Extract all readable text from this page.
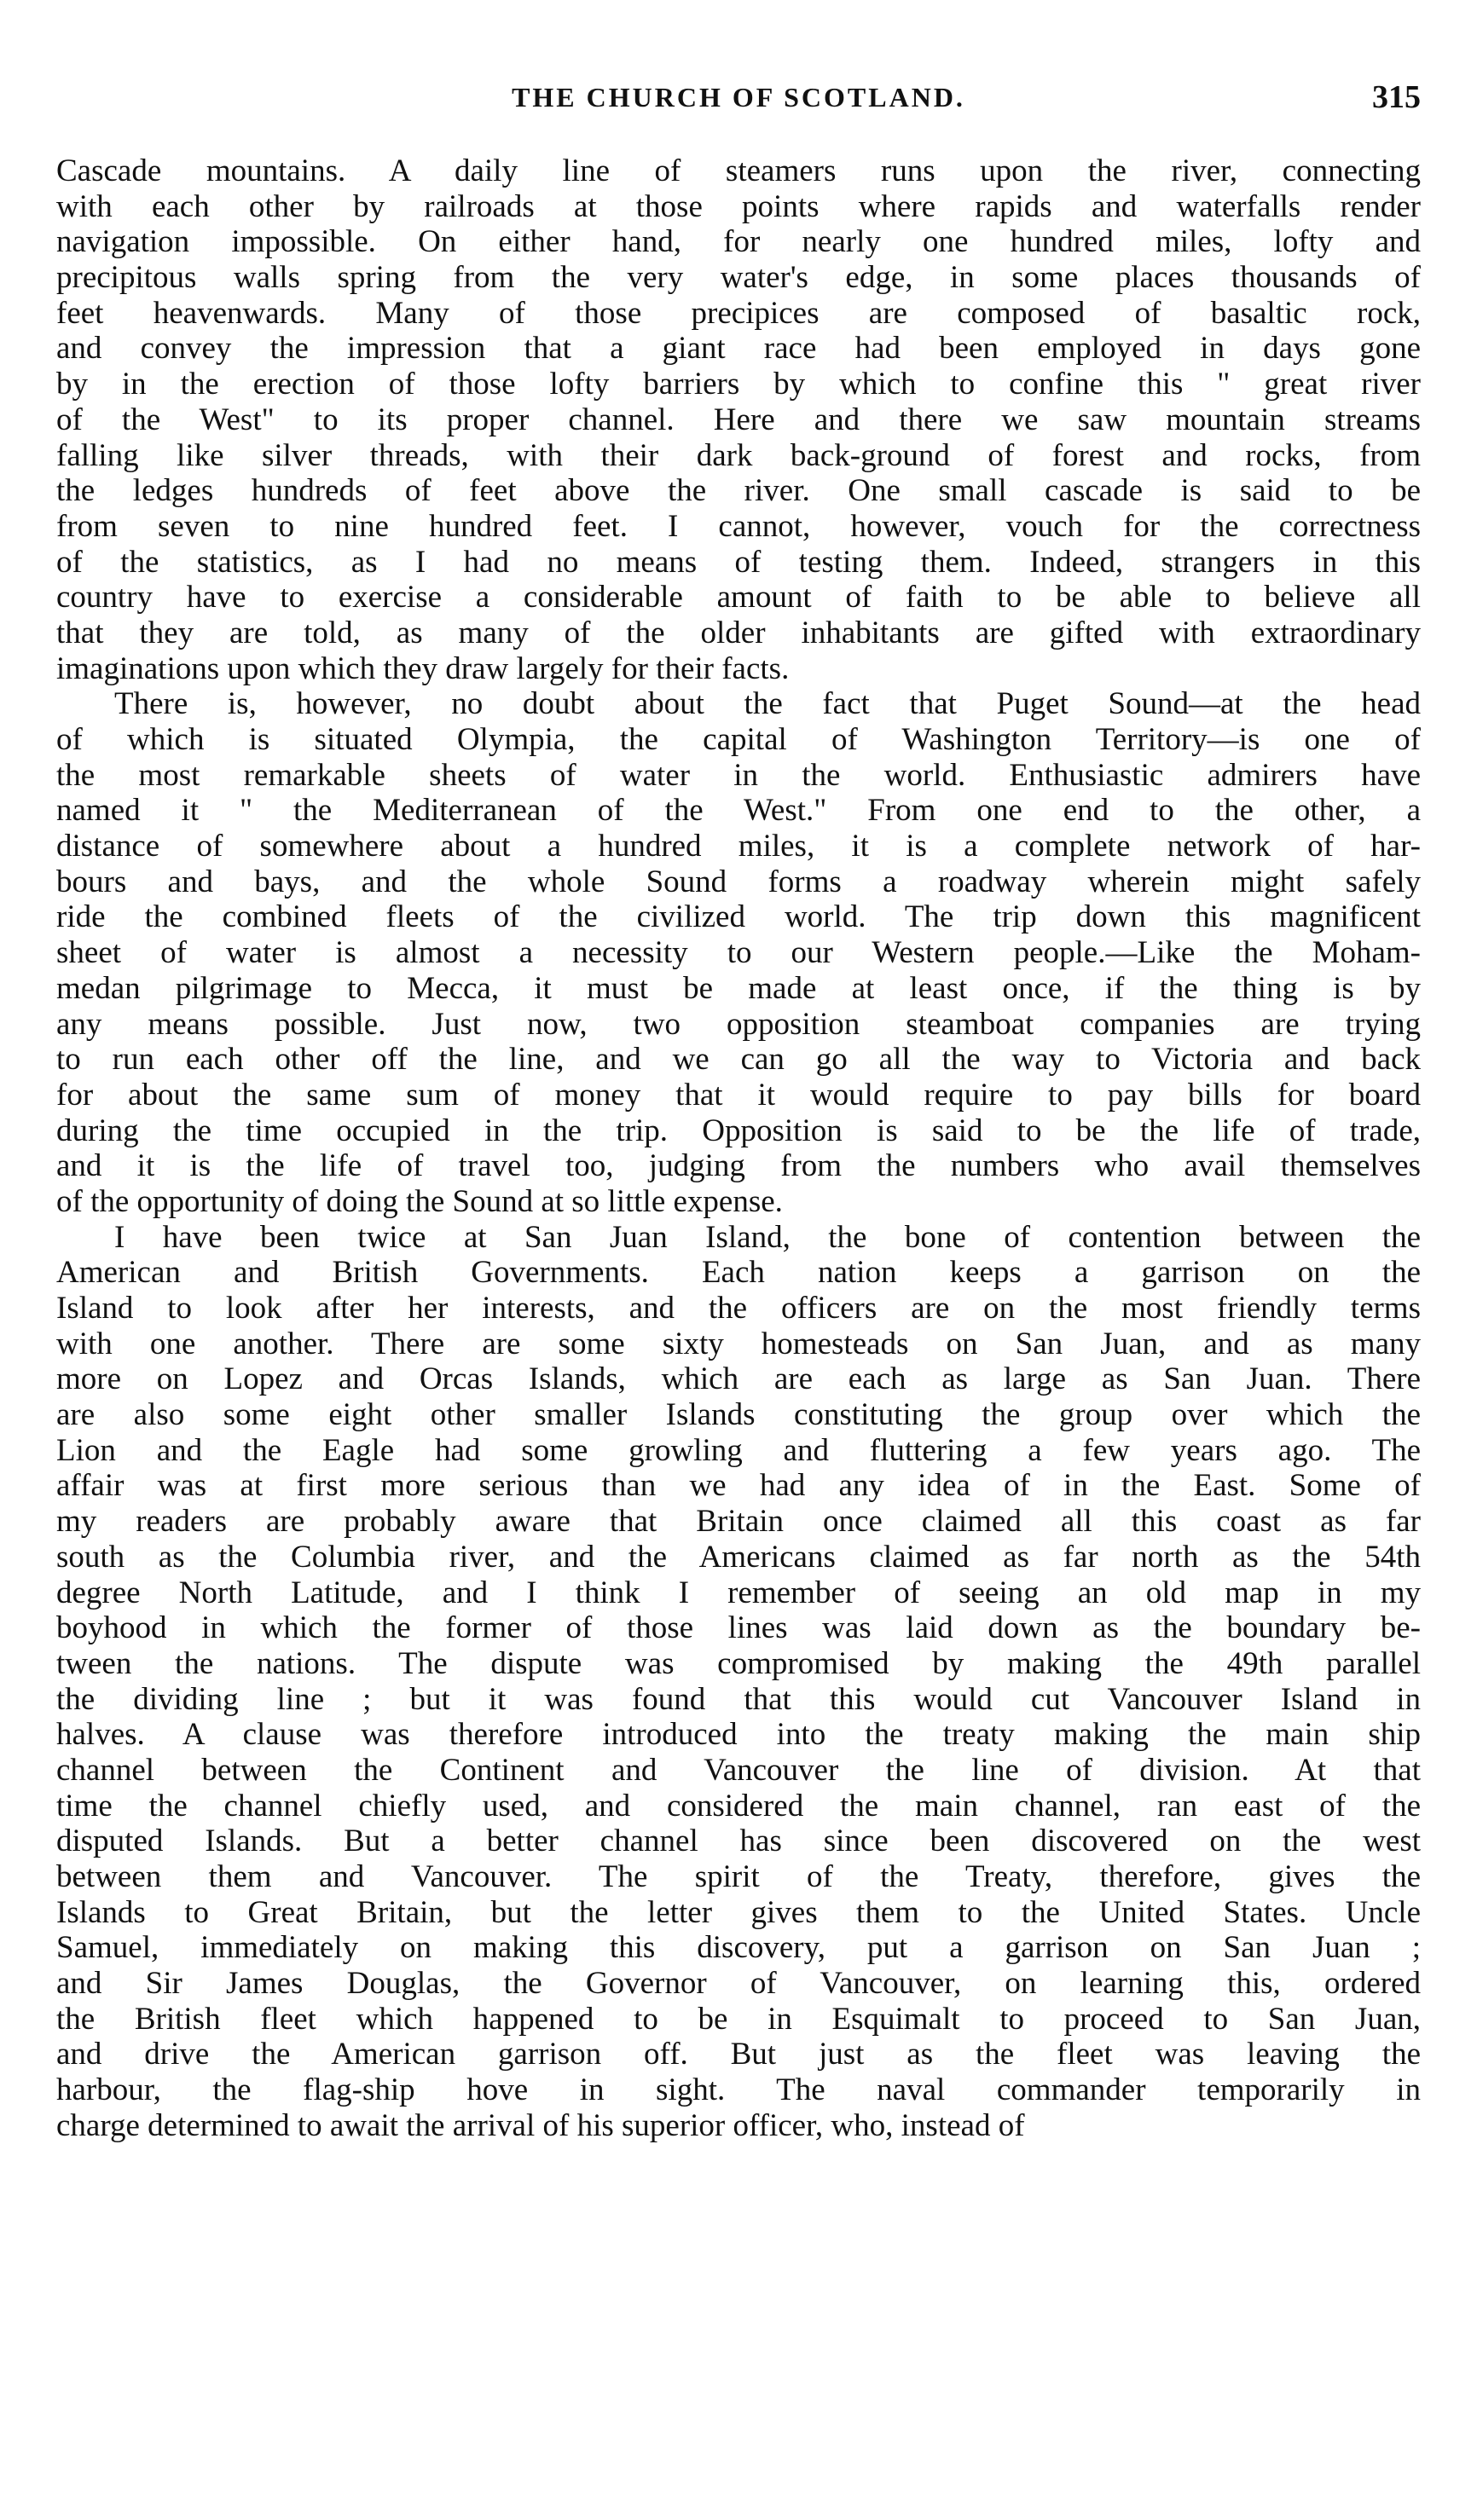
THE CHURCH OF SCOTLAND.	315
Cascade mountains. A daily line of steamers runs upon the river, connecting
with each other by railroads at those points where rapids and waterfalls render
navigation impossible. On either hand, for nearly one hundred miles, lofty and
precipitous walls spring from the very water's edge, in some places thousands of
feet heavenwards. Many of those precipices are composed of basaltic rock,
and convey the impression that a giant race had been employed in days gone
by in the erection of those lofty barriers by which to confine this " great river
of the West" to its proper channel. Here and there we saw mountain streams
falling like silver threads, with their dark back-ground of forest and rocks, from
the ledges hundreds of feet above the river. One small cascade is said to be
from seven to nine hundred feet. I cannot, however, vouch for the correctness
of the statistics, as I had no means of testing them. Indeed, strangers in this
country have to exercise a considerable amount of faith to be able to believe all
that they are told, as many of the older inhabitants are gifted with extraordinary
imaginations upon which they draw largely for their facts.
There is, however, no doubt about the fact that Puget Sound—at the head
of which is situated Olympia, the capital of Washington Territory—is one of
the most remarkable sheets of water in the world. Enthusiastic admirers have
named it " the Mediterranean of the West." From one end to the other, a
distance of somewhere about a hundred miles, it is a complete network of har-
bours and bays, and the whole Sound forms a roadway wherein might safely
ride the combined fleets of the civilized world. The trip down this magnificent
sheet of water is almost a necessity to our Western people.—Like the Moham-
medan pilgrimage to Mecca, it must be made at least once, if the thing is by
any means possible. Just now, two opposition steamboat companies are trying
to run each other off the line, and we can go all the way to Victoria and back
for about the same sum of money that it would require to pay bills for board
during the time occupied in the trip. Opposition is said to be the life of trade,
and it is the life of travel too, judging from the numbers who avail themselves
of the opportunity of doing the Sound at so little expense.
I have been twice at San Juan Island, the bone of contention between the
American and British Governments. Each nation keeps a garrison on the
Island to look after her interests, and the officers are on the most friendly terms
with one another. There are some sixty homesteads on San Juan, and as many
more on Lopez and Orcas Islands, which are each as large as San Juan. There
are also some eight other smaller Islands constituting the group over which the
Lion and the Eagle had some growling and fluttering a few years ago. The
affair was at first more serious than we had any idea of in the East. Some of
my readers are probably aware that Britain once claimed all this coast as far
south as the Columbia river, and the Americans claimed as far north as the 54th
degree North Latitude, and I think I remember of seeing an old map in my
boyhood in which the former of those lines was laid down as the boundary be-
tween the nations. The dispute was compromised by making the 49th parallel
the dividing line ; but it was found that this would cut Vancouver Island in
halves. A clause was therefore introduced into the treaty making the main ship
channel between the Continent and Vancouver the line of division. At that
time the channel chiefly used, and considered the main channel, ran east of the
disputed Islands. But a better channel has since been discovered on the west
between them and Vancouver. The spirit of the Treaty, therefore, gives the
Islands to Great Britain, but the letter gives them to the United States. Uncle
Samuel, immediately on making this discovery, put a garrison on San Juan ;
and Sir James Douglas, the Governor of Vancouver, on learning this, ordered
the British fleet which happened to be in Esquimalt to proceed to San Juan,
and drive the American garrison off. But just as the fleet was leaving the
harbour, the flag-ship hove in sight. The naval commander temporarily in
charge determined to await the arrival of his superior officer, who, instead of
